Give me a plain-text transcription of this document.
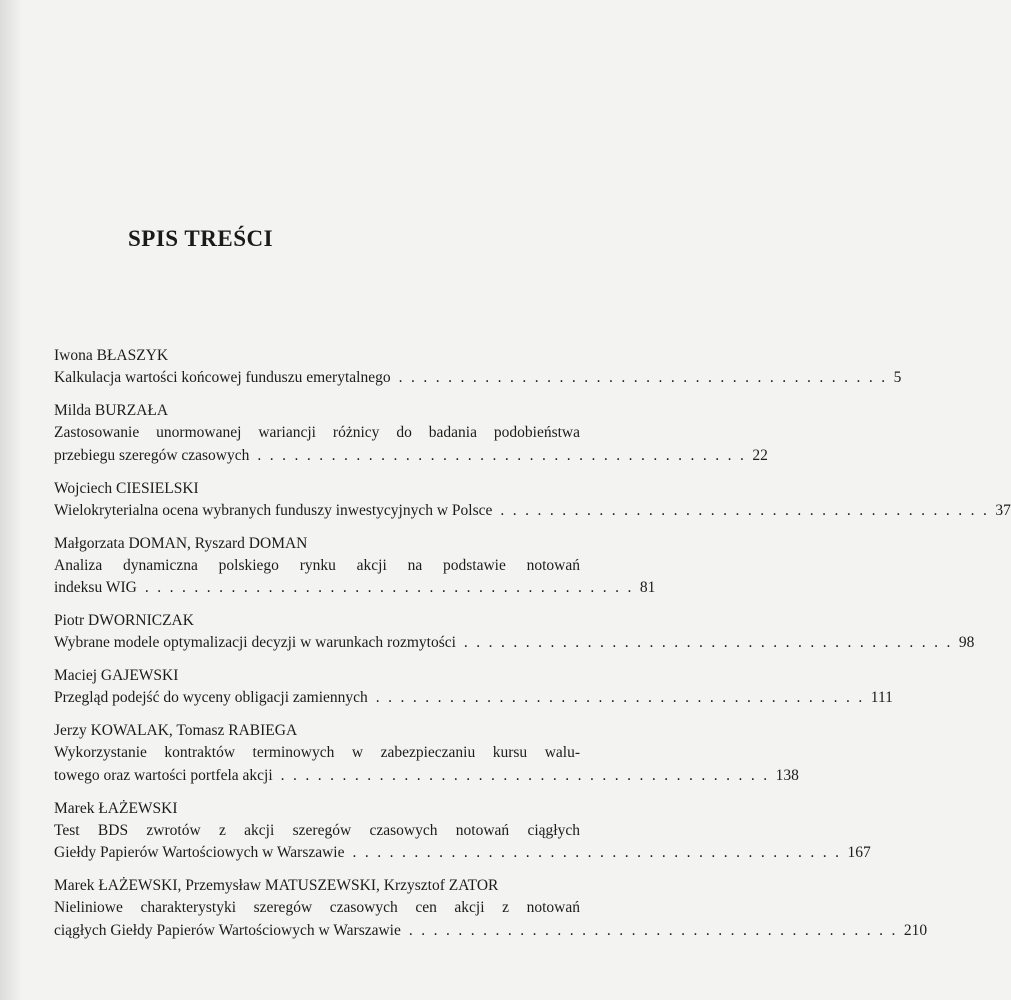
SPIS TREŚCI
Iwona BŁASZYK
Kalkulacja wartości końcowej funduszu emerytalnego ........................................ 5
Milda BURZAŁA
Zastosowanie unormowanej wariancji różnicy do badania podobieństwa
przebiegu szeregów czasowych ........................................ 22
Wojciech CIESIELSKI
Wielokryterialna ocena wybranych funduszy inwestycyjnych w Polsce ........................................ 37
Małgorzata DOMAN, Ryszard DOMAN
Analiza dynamiczna polskiego rynku akcji na podstawie notowań
indeksu WIG ........................................ 81
Piotr DWORNICZAK
Wybrane modele optymalizacji decyzji w warunkach rozmytości ........................................ 98
Maciej GAJEWSKI
Przegląd podejść do wyceny obligacji zamiennych ........................................ 111
Jerzy KOWALAK, Tomasz RABIEGA
Wykorzystanie kontraktów terminowych w zabezpieczaniu kursu walu-
towego oraz wartości portfela akcji ........................................ 138
Marek ŁAŻEWSKI
Test BDS zwrotów z akcji szeregów czasowych notowań ciągłych
Giełdy Papierów Wartościowych w Warszawie ........................................ 167
Marek ŁAŻEWSKI, Przemysław MATUSZEWSKI, Krzysztof ZATOR
Nieliniowe charakterystyki szeregów czasowych cen akcji z notowań
ciągłych Giełdy Papierów Wartościowych w Warszawie ........................................ 210
